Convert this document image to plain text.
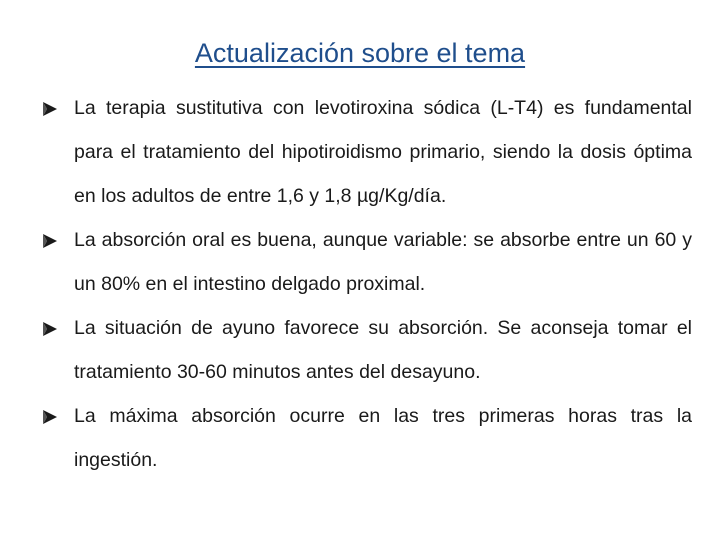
Actualización sobre el tema
La terapia sustitutiva con levotiroxina sódica (L-T4) es fundamental para el tratamiento del hipotiroidismo primario, siendo la dosis óptima en los adultos de entre 1,6 y 1,8 µg/Kg/día.
La absorción oral es buena, aunque variable: se absorbe entre un 60 y un 80% en el intestino delgado proximal.
La situación de ayuno favorece su absorción. Se aconseja tomar el tratamiento 30-60 minutos antes del desayuno.
La máxima absorción ocurre en las tres primeras horas tras la ingestión.
